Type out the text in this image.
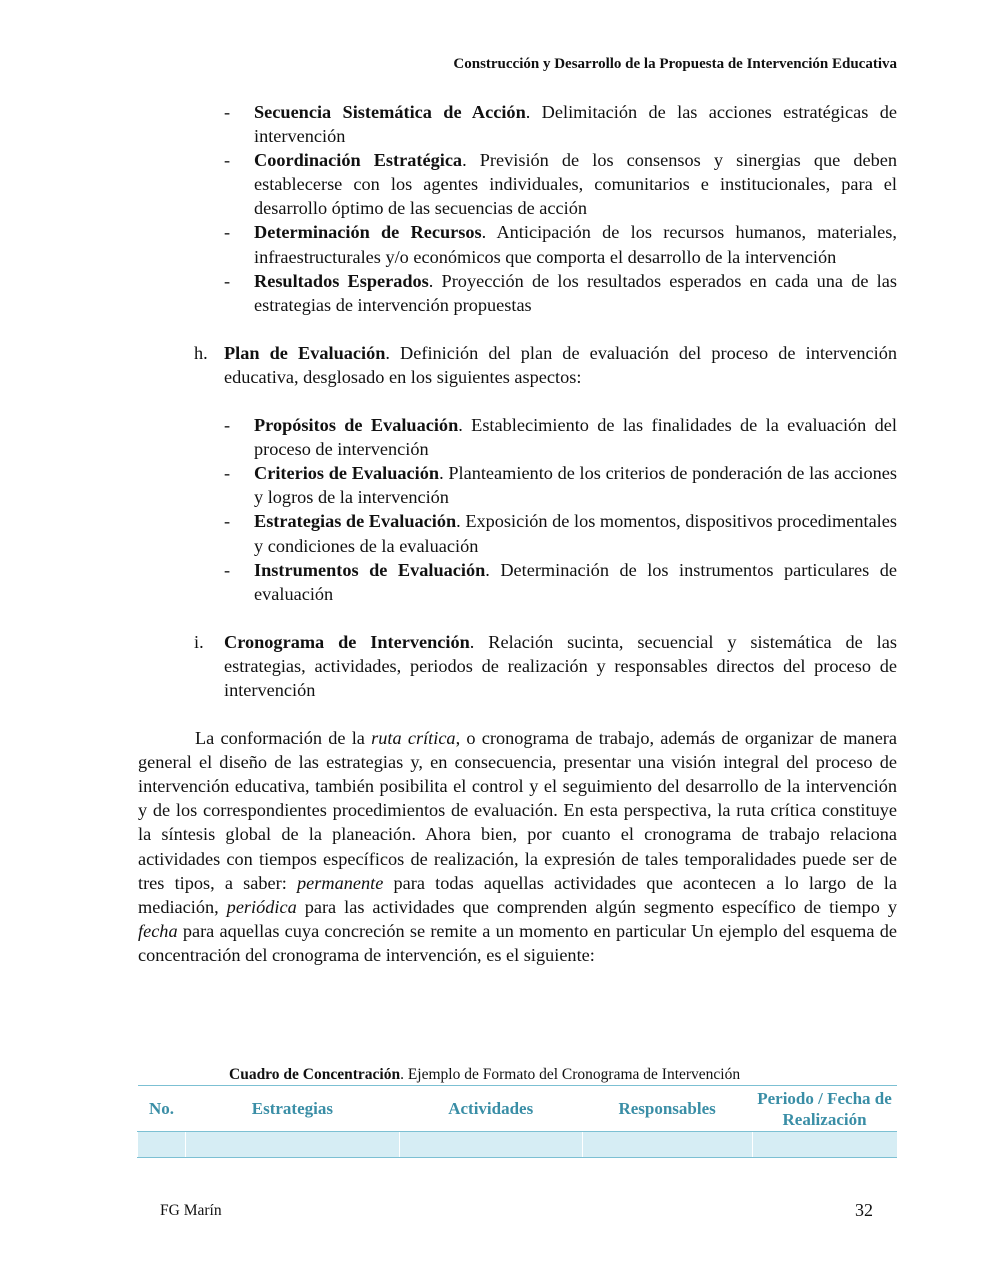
Construcción y Desarrollo de la Propuesta de Intervención Educativa
-	Secuencia Sistemática de Acción. Delimitación de las acciones estratégicas de intervención
-	Coordinación Estratégica. Previsión de los consensos y sinergias que deben establecerse con los agentes individuales, comunitarios e institucionales, para el desarrollo óptimo de las secuencias de acción
-	Determinación de Recursos. Anticipación de los recursos humanos, materiales, infraestructurales y/o económicos que comporta el desarrollo de la intervención
-	Resultados Esperados. Proyección de los resultados esperados en cada una de las estrategias de intervención propuestas
h. Plan de Evaluación. Definición del plan de evaluación del proceso de intervención educativa, desglosado en los siguientes aspectos:
-	Propósitos de Evaluación. Establecimiento de las finalidades de la evaluación del proceso de intervención
-	Criterios de Evaluación. Planteamiento de los criterios de ponderación de las acciones y logros de la intervención
-	Estrategias de Evaluación. Exposición de los momentos, dispositivos procedimentales y condiciones de la evaluación
-	Instrumentos de Evaluación. Determinación de los instrumentos particulares de evaluación
i.	Cronograma de Intervención. Relación sucinta, secuencial y sistemática de las estrategias, actividades, periodos de realización y responsables directos del proceso de intervención
La conformación de la ruta crítica, o cronograma de trabajo, además de organizar de manera general el diseño de las estrategias y, en consecuencia, presentar una visión integral del proceso de intervención educativa, también posibilita el control y el seguimiento del desarrollo de la intervención y de los correspondientes procedimientos de evaluación. En esta perspectiva, la ruta crítica constituye la síntesis global de la planeación. Ahora bien, por cuanto el cronograma de trabajo relaciona actividades con tiempos específicos de realización, la expresión de tales temporalidades puede ser de tres tipos, a saber: permanente para todas aquellas actividades que acontecen a lo largo de la mediación, periódica para las actividades que comprenden algún segmento específico de tiempo y fecha para aquellas cuya concreción se remite a un momento en particular Un ejemplo del esquema de concentración del cronograma de intervención, es el siguiente:
Cuadro de Concentración. Ejemplo de Formato del Cronograma de Intervención
No.	Estrategias	Actividades	Responsables	Periodo / Fecha de Realización

FG Marín	32
